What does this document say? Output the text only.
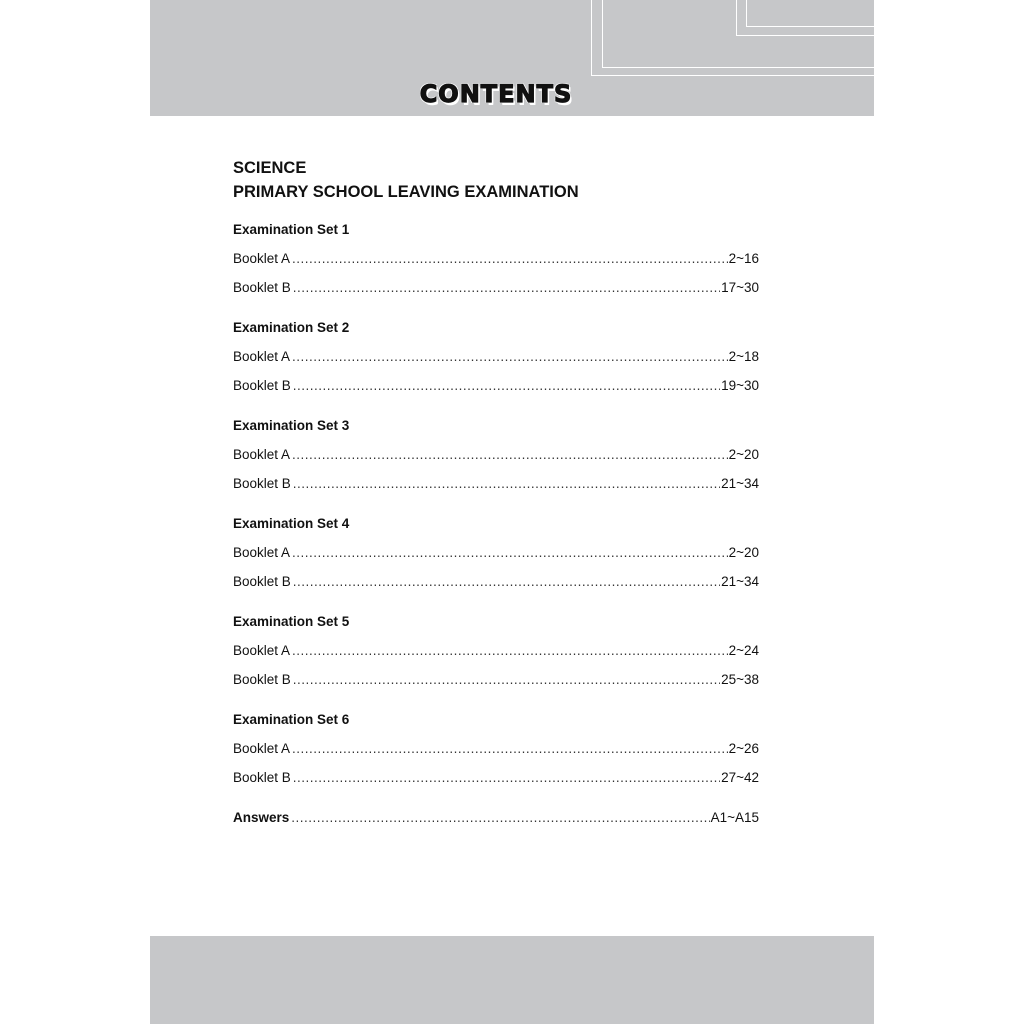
CONTENTS

SCIENCE

PRIMARY SCHOOL LEAVING EXAMINATION

Examination Set 1

Booklet A .....	2~16
Booklet B .....	17~30

Examination Set 2

Booklet A .....	2~18
Booklet B .....	19~30

Examination Set 3

Booklet A .....	2~20
Booklet B .....	21~34

Examination Set 4

Booklet A .....	2~20
Booklet B .....	21~34

Examination Set 5

Booklet A .....	2~24
Booklet B .....	25~38

Examination Set 6

Booklet A .....	2~26
Booklet B .....	27~42
Answers .....	A1~A15
